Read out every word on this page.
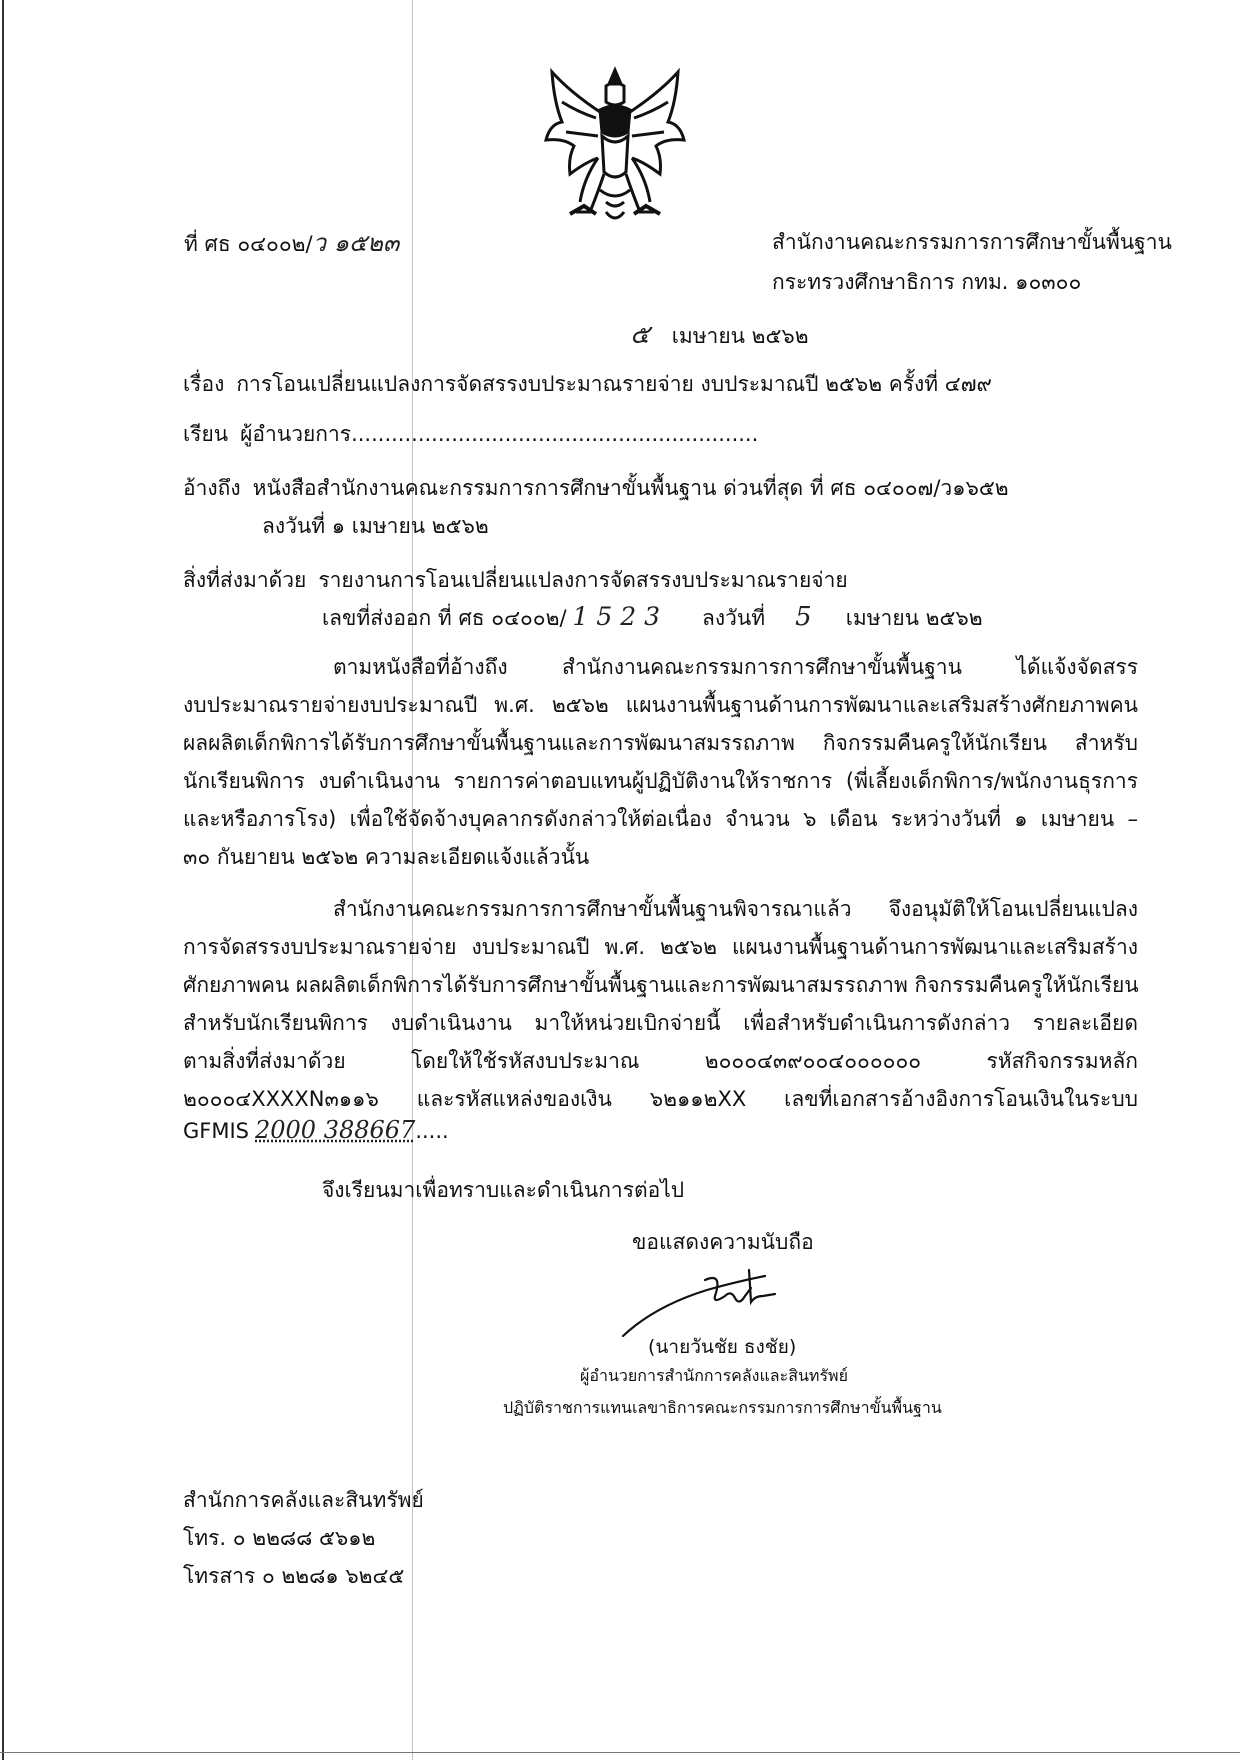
ที่ ศธ ๐๔๐๐๒/ว ๑๕๒๓	สำนักงานคณะกรรมการการศึกษาขั้นพื้นฐาน
กระทรวงศึกษาธิการ กทม. ๑๐๓๐๐
๕ เมษายน ๒๕๖๒
เรื่อง การโอนเปลี่ยนแปลงการจัดสรรงบประมาณรายจ่าย งบประมาณปี ๒๕๖๒ ครั้งที่ ๔๗๙
เรียน ผู้อำนวยการ.............................................................
อ้างถึง หนังสือสำนักงานคณะกรรมการการศึกษาขั้นพื้นฐาน ด่วนที่สุด ที่ ศธ ๐๔๐๐๗/ว๑๖๕๒
ลงวันที่ ๑ เมษายน ๒๕๖๒
สิ่งที่ส่งมาด้วย รายงานการโอนเปลี่ยนแปลงการจัดสรรงบประมาณรายจ่าย
เลขที่ส่งออก ที่ ศธ ๐๔๐๐๒/ 1 5 2 3 ลงวันที่ 5 เมษายน ๒๕๖๒
ตามหนังสือที่อ้างถึง สำนักงานคณะกรรมการการศึกษาขั้นพื้นฐาน ได้แจ้งจัดสรร
งบประมาณรายจ่ายงบประมาณปี พ.ศ. ๒๕๖๒ แผนงานพื้นฐานด้านการพัฒนาและเสริมสร้างศักยภาพคน
ผลผลิตเด็กพิการได้รับการศึกษาขั้นพื้นฐานและการพัฒนาสมรรถภาพ กิจกรรมคืนครูให้นักเรียน สำหรับ
นักเรียนพิการ งบดำเนินงาน รายการค่าตอบแทนผู้ปฏิบัติงานให้ราชการ (พี่เลี้ยงเด็กพิการ/พนักงานธุรการ
และหรือภารโรง) เพื่อใช้จัดจ้างบุคลากรดังกล่าวให้ต่อเนื่อง จำนวน ๖ เดือน ระหว่างวันที่ ๑ เมษายน –
๓๐ กันยายน ๒๕๖๒ ความละเอียดแจ้งแล้วนั้น
สำนักงานคณะกรรมการการศึกษาขั้นพื้นฐานพิจารณาแล้ว จึงอนุมัติให้โอนเปลี่ยนแปลง
การจัดสรรงบประมาณรายจ่าย งบประมาณปี พ.ศ. ๒๕๖๒ แผนงานพื้นฐานด้านการพัฒนาและเสริมสร้าง
ศักยภาพคน ผลผลิตเด็กพิการได้รับการศึกษาขั้นพื้นฐานและการพัฒนาสมรรถภาพ กิจกรรมคืนครูให้นักเรียน
สำหรับนักเรียนพิการ งบดำเนินงาน มาให้หน่วยเบิกจ่ายนี้ เพื่อสำหรับดำเนินการดังกล่าว รายละเอียด
ตามสิ่งที่ส่งมาด้วย โดยให้ใช้รหัสงบประมาณ ๒๐๐๐๔๓๙๐๐๔๐๐๐๐๐๐ รหัสกิจกรรมหลัก
๒๐๐๐๔XXXXN๓๑๑๖ และรหัสแหล่งของเงิน ๖๒๑๑๒XX เลขที่เอกสารอ้างอิงการโอนเงินในระบบ
GFMIS 2000 388667.....
จึงเรียนมาเพื่อทราบและดำเนินการต่อไป
ขอแสดงความนับถือ
(นายวันชัย ธงชัย)
ผู้อำนวยการสำนักการคลังและสินทรัพย์
ปฏิบัติราชการแทนเลขาธิการคณะกรรมการการศึกษาขั้นพื้นฐาน
สำนักการคลังและสินทรัพย์
โทร. ๐ ๒๒๘๘ ๕๖๑๒
โทรสาร ๐ ๒๒๘๑ ๖๒๔๕
